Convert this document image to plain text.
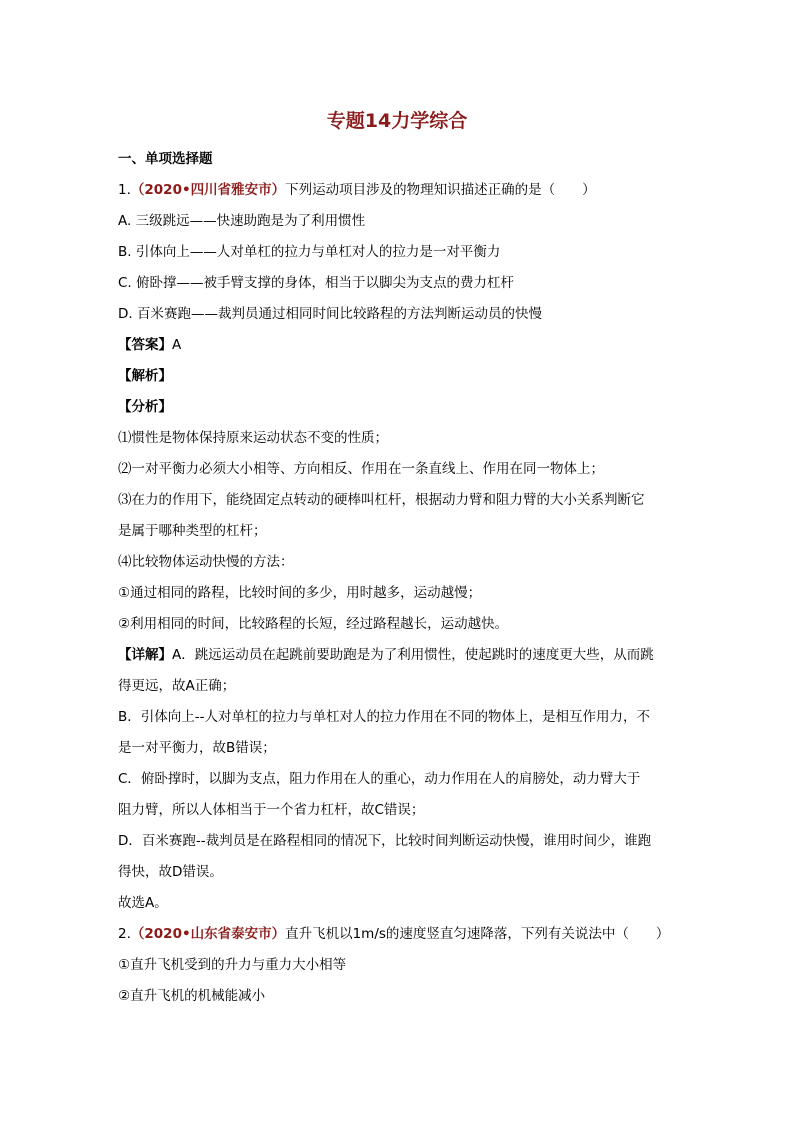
专题14力学综合

一、单项选择题

1.（2020•四川省雅安市）下列运动项目涉及的物理知识描述正确的是（　　）

A. 三级跳远——快速助跑是为了利用惯性

B. 引体向上——人对单杠的拉力与单杠对人的拉力是一对平衡力

C. 俯卧撑——被手臂支撑的身体，相当于以脚尖为支点的费力杠杆

D. 百米赛跑——裁判员通过相同时间比较路程的方法判断运动员的快慢

【答案】A

【解析】

【分析】

⑴惯性是物体保持原来运动状态不变的性质；

⑵一对平衡力必须大小相等、方向相反、作用在一条直线上、作用在同一物体上；

⑶在力的作用下，能绕固定点转动的硬棒叫杠杆，根据动力臂和阻力臂的大小关系判断它

是属于哪种类型的杠杆；

⑷比较物体运动快慢的方法：

①通过相同的路程，比较时间的多少，用时越多，运动越慢；

②利用相同的时间，比较路程的长短，经过路程越长，运动越快。

【详解】A．跳远运动员在起跳前要助跑是为了利用惯性，使起跳时的速度更大些，从而跳

得更远，故A正确；

B．引体向上--人对单杠的拉力与单杠对人的拉力作用在不同的物体上，是相互作用力，不

是一对平衡力，故B错误；

C．俯卧撑时，以脚为支点，阻力作用在人的重心，动力作用在人的肩膀处，动力臂大于

阻力臂，所以人体相当于一个省力杠杆，故C错误；

D．百米赛跑--裁判员是在路程相同的情况下，比较时间判断运动快慢，谁用时间少，谁跑

得快，故D错误。

故选A。

2.（2020•山东省泰安市）直升飞机以1m/s的速度竖直匀速降落，下列有关说法中（　　）

①直升飞机受到的升力与重力大小相等

②直升飞机的机械能减小
